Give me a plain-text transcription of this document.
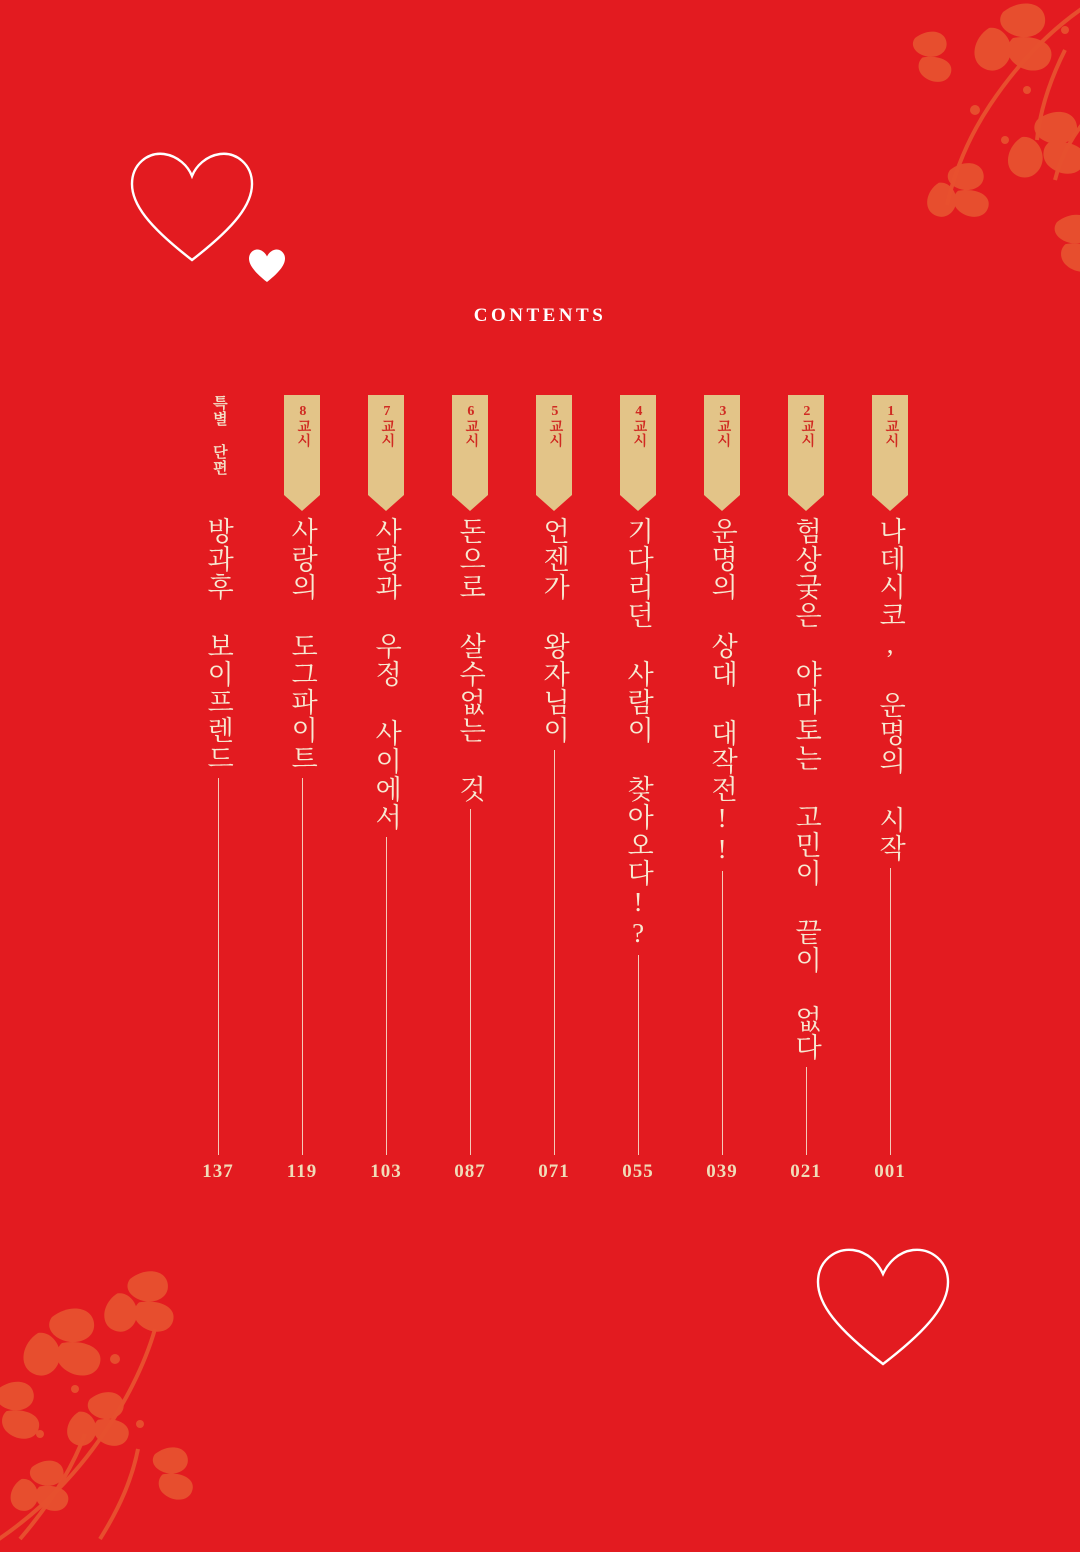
CONTENTS
1교시
나데시코, 운명의 시작
001
2교시
험상궂은 야마토는 고민이 끝이 없다
021
3교시
운명의 상대 대작전!!
039
4교시
기다리던 사람이 찾아오다!?
055
5교시
언젠가 왕자님이
071
6교시
돈으로 살수없는 것
087
7교시
사랑과 우정 사이에서
103
8교시
사랑의 도그파이트
119
특별 단편
방과후 보이프렌드
137
